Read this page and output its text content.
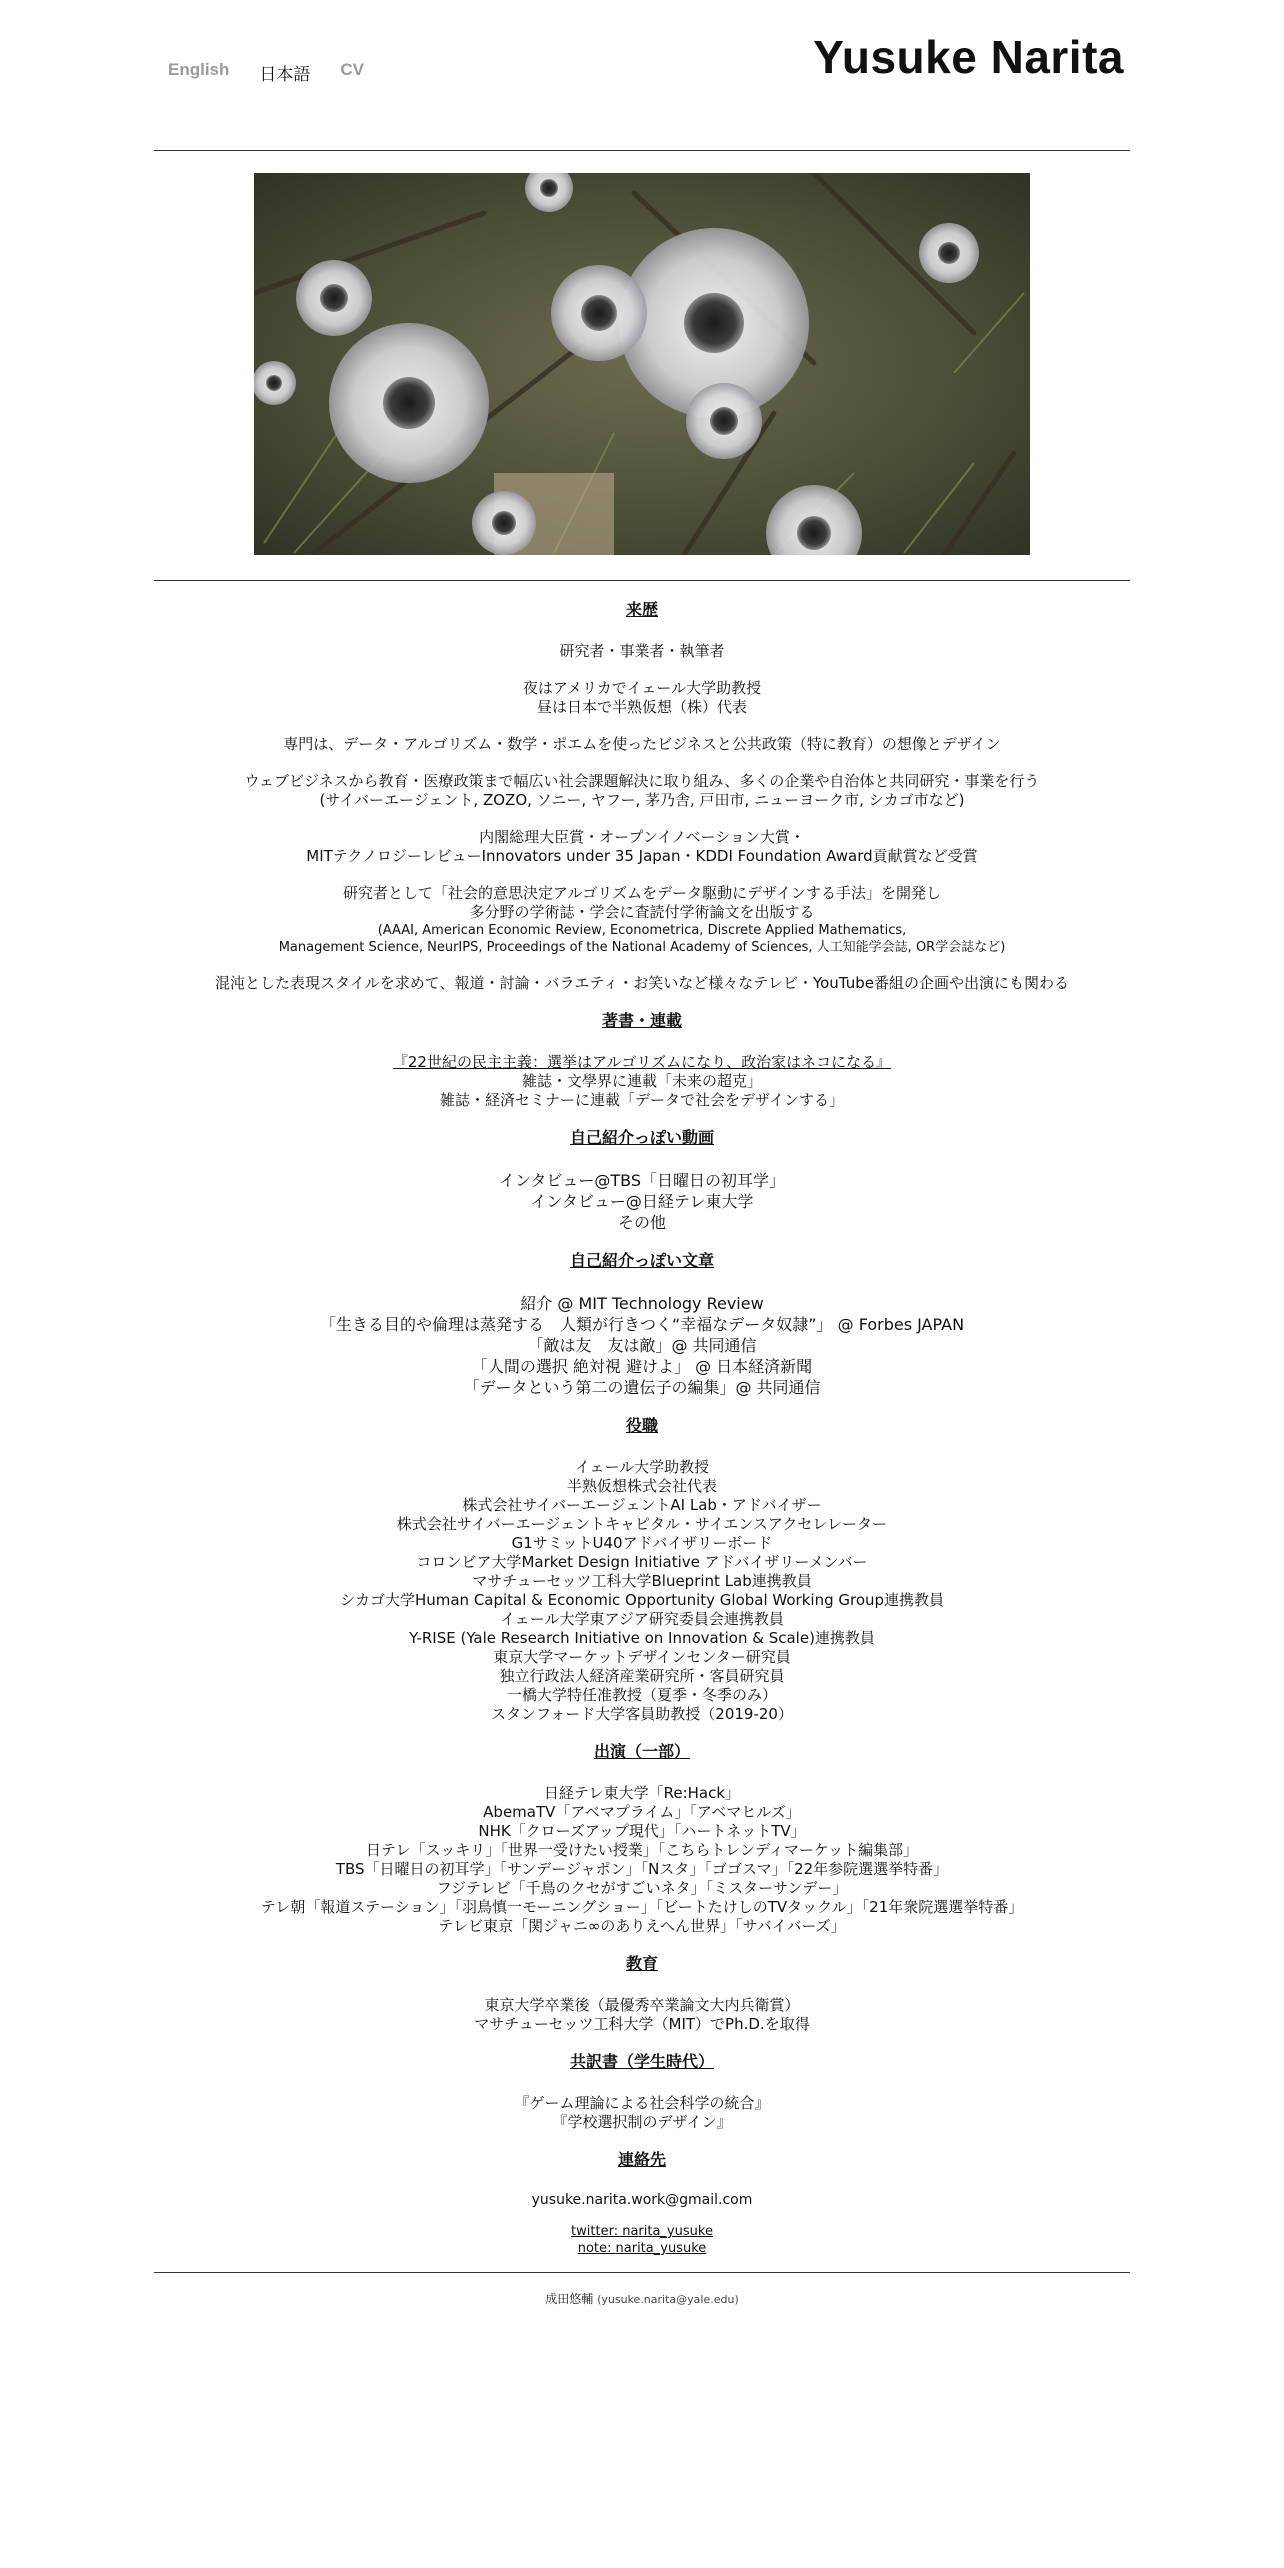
English 日本語 CV	Yusuke Narita
来歴
研究者・事業者・執筆者
夜はアメリカでイェール大学助教授
昼は日本で半熟仮想（株）代表
専門は、データ・アルゴリズム・数学・ポエムを使ったビジネスと公共政策（特に教育）の想像とデザイン
ウェブビジネスから教育・医療政策まで幅広い社会課題解決に取り組み、多くの企業や自治体と共同研究・事業を行う
(サイバーエージェント, ZOZO, ソニー, ヤフー, 茅乃舎, 戸田市, ニューヨーク市, シカゴ市など)
内閣総理大臣賞・オープンイノベーション大賞・
MITテクノロジーレビューInnovators under 35 Japan・KDDI Foundation Award貢献賞など受賞
研究者として「社会的意思決定アルゴリズムをデータ駆動にデザインする手法」を開発し
多分野の学術誌・学会に査読付学術論文を出版する
(AAAI, American Economic Review, Econometrica, Discrete Applied Mathematics,
Management Science, NeurIPS, Proceedings of the National Academy of Sciences, 人工知能学会誌, OR学会誌など)
混沌とした表現スタイルを求めて、報道・討論・バラエティ・お笑いなど様々なテレビ・YouTube番組の企画や出演にも関わる
著書・連載
『22世紀の民主主義：選挙はアルゴリズムになり、政治家はネコになる』
雑誌・文學界に連載「未来の超克」
雑誌・経済セミナーに連載「データで社会をデザインする」
自己紹介っぽい動画
インタビュー@TBS「日曜日の初耳学」
インタビュー@日経テレ東大学
その他
自己紹介っぽい文章
紹介 @ MIT Technology Review
「生きる目的や倫理は蒸発する　人類が行きつく“幸福なデータ奴隷”」 @ Forbes JAPAN
「敵は友　友は敵」@ 共同通信
「人間の選択 絶対視 避けよ」 @ 日本経済新聞
「データという第二の遺伝子の編集」@ 共同通信
役職
イェール大学助教授
半熟仮想株式会社代表
株式会社サイバーエージェントAI Lab・アドバイザー
株式会社サイバーエージェントキャピタル・サイエンスアクセレレーター
G1サミットU40アドバイザリーボード
コロンビア大学Market Design Initiative アドバイザリーメンバー
マサチューセッツ工科大学Blueprint Lab連携教員
シカゴ大学Human Capital & Economic Opportunity Global Working Group連携教員
イェール大学東アジア研究委員会連携教員
Y-RISE (Yale Research Initiative on Innovation & Scale)連携教員
東京大学マーケットデザインセンター研究員
独立行政法人経済産業研究所・客員研究員
一橋大学特任准教授（夏季・冬季のみ）
スタンフォード大学客員助教授（2019-20）
出演（一部）
日経テレ東大学「Re:Hack」
AbemaTV「アベマプライム」「アベマヒルズ」
NHK「クローズアップ現代」「ハートネットTV」
日テレ「スッキリ」「世界一受けたい授業」「こちらトレンディマーケット編集部」
TBS「日曜日の初耳学」「サンデージャポン」「Nスタ」「ゴゴスマ」「22年参院選選挙特番」
フジテレビ「千鳥のクセがすごいネタ」「ミスターサンデー」
テレ朝「報道ステーション」「羽鳥慎一モーニングショー」「ビートたけしのTVタックル」「21年衆院選選挙特番」
テレビ東京「関ジャニ∞のありえへん世界」「サバイバーズ」
教育
東京大学卒業後（最優秀卒業論文大内兵衛賞）
マサチューセッツ工科大学（MIT）でPh.D.を取得
共訳書（学生時代）
『ゲーム理論による社会科学の統合』
『学校選択制のデザイン』
連絡先
yusuke.narita.work@gmail.com
twitter: narita_yusuke
note: narita_yusuke
成田悠輔 (yusuke.narita@yale.edu)
